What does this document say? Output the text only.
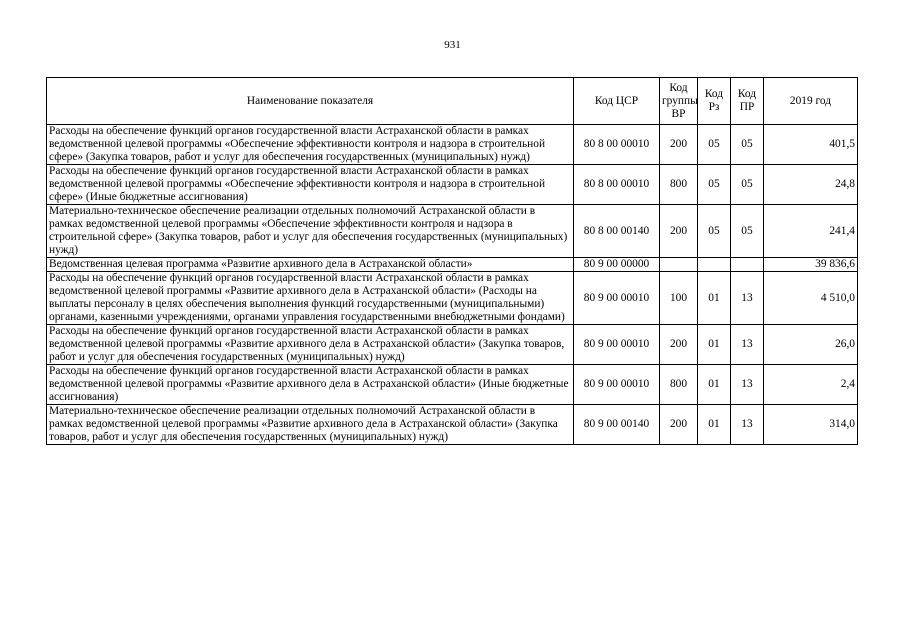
931
Наименование показателя	Код ЦСР	Код группы ВР	Код Рз	Код ПР	2019 год
Расходы на обеспечение функций органов государственной власти Астраханской области в рамках ведомственной целевой программы «Обеспечение эффективности контроля и надзора в строительной сфере» (Закупка товаров, работ и услуг для обеспечения государственных (муниципальных) нужд)	80 8 00 00010	200	05	05	401,5
Расходы на обеспечение функций органов государственной власти Астраханской области в рамках ведомственной целевой программы «Обеспечение эффективности контроля и надзора в строительной сфере» (Иные бюджетные ассигнования)	80 8 00 00010	800	05	05	24,8
Материально-техническое обеспечение реализации отдельных полномочий Астраханской области в рамках ведомственной целевой программы «Обеспечение эффективности контроля и надзора в строительной сфере» (Закупка товаров, работ и услуг для обеспечения государственных (муниципальных) нужд)	80 8 00 00140	200	05	05	241,4
Ведомственная целевая программа «Развитие архивного дела в Астраханской области»	80 9 00 00000				39 836,6
Расходы на обеспечение функций органов государственной власти Астраханской области в рамках ведомственной целевой программы «Развитие архивного дела в Астраханской области» (Расходы на выплаты персоналу в целях обеспечения выполнения функций государственными (муниципальными) органами, казенными учреждениями, органами управления государственными внебюджетными фондами)	80 9 00 00010	100	01	13	4 510,0
Расходы на обеспечение функций органов государственной власти Астраханской области в рамках ведомственной целевой программы «Развитие архивного дела в Астраханской области» (Закупка товаров, работ и услуг для обеспечения государственных (муниципальных) нужд)	80 9 00 00010	200	01	13	26,0
Расходы на обеспечение функций органов государственной власти Астраханской области в рамках ведомственной целевой программы «Развитие архивного дела в Астраханской области» (Иные бюджетные ассигнования)	80 9 00 00010	800	01	13	2,4
Материально-техническое обеспечение реализации отдельных полномочий Астраханской области в рамках ведомственной целевой программы «Развитие архивного дела в Астраханской области» (Закупка товаров, работ и услуг для обеспечения государственных (муниципальных) нужд)	80 9 00 00140	200	01	13	314,0
